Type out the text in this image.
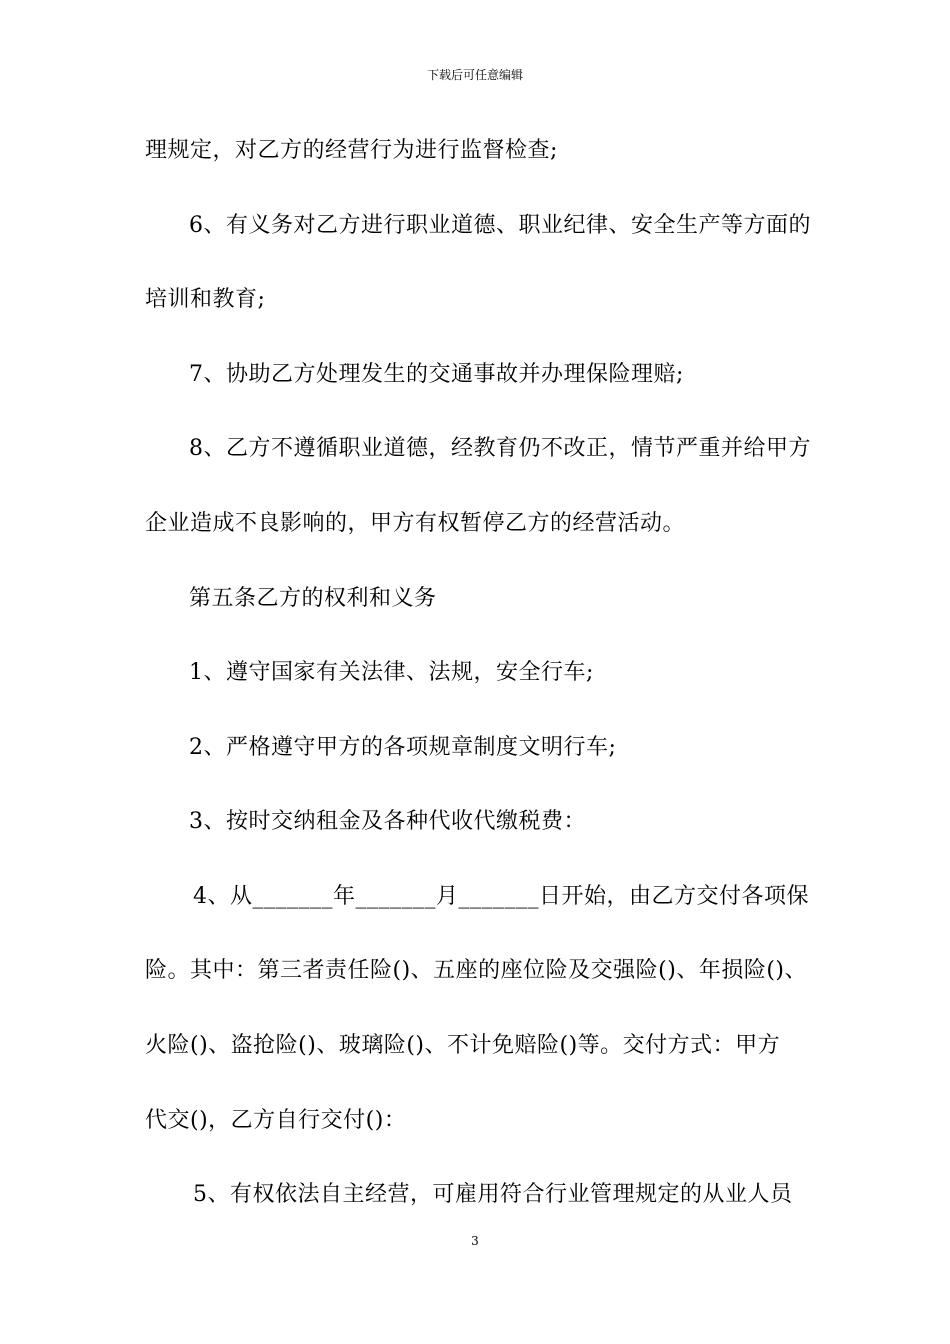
下载后可任意编辑
理规定，对乙方的经营行为进行监督检查;
6、有义务对乙方进行职业道德、职业纪律、安全生产等方面的
培训和教育;
7、协助乙方处理发生的交通事故并办理保险理赔;
8、乙方不遵循职业道德，经教育仍不改正，情节严重并给甲方
企业造成不良影响的，甲方有权暂停乙方的经营活动。
第五条乙方的权利和义务
1、遵守国家有关法律、法规，安全行车;
2、严格遵守甲方的各项规章制度文明行车;
3、按时交纳租金及各种代收代缴税费：
4、从_______年_______月_______日开始，由乙方交付各项保
险。其中：第三者责任险()、五座的座位险及交强险()、年损险()、
火险()、盗抢险()、玻璃险()、不计免赔险()等。交付方式：甲方
代交()，乙方自行交付()：
5、有权依法自主经营，可雇用符合行业管理规定的从业人员
3
